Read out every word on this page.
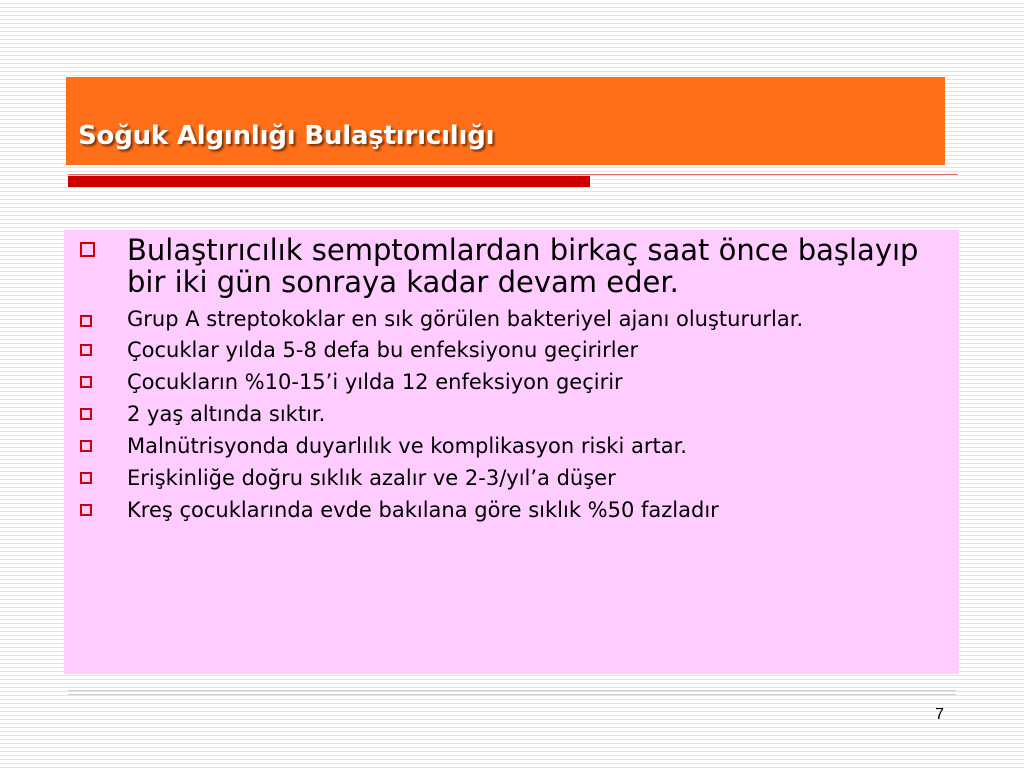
Soğuk Algınlığı Bulaştırıcılığı
Bulaştırıcılık semptomlardan birkaç saat önce başlayıp bir iki gün sonraya kadar devam eder.
Grup A streptokoklar en sık görülen bakteriyel ajanı oluştururlar.
Çocuklar yılda 5-8 defa bu enfeksiyonu geçirirler
Çocukların %10-15’i yılda 12 enfeksiyon geçirir
2 yaş altında sıktır.
Malnütrisyonda duyarlılık ve komplikasyon riski artar.
Erişkinliğe doğru sıklık azalır ve 2-3/yıl’a düşer
Kreş çocuklarında evde bakılana göre sıklık %50 fazladır
7
